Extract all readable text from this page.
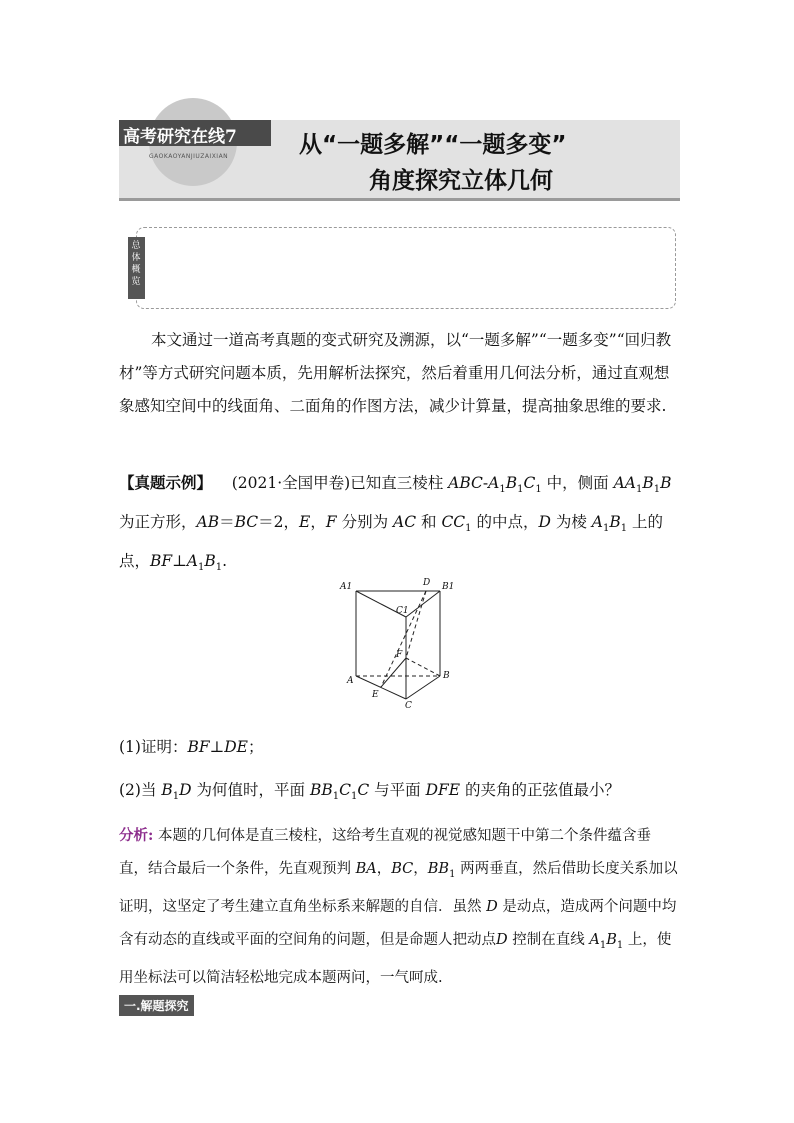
高考研究在线7
GAOKAOYANJIUZAIXIAN	从“一题多解”“一题多变”
角度探究立体几何
总体概览
本文通过一道高考真题的变式研究及溯源，以“一题多解”“一题多变”“回归教材”等方式研究问题本质，先用解析法探究，然后着重用几何法分析，通过直观想象感知空间中的线面角、二面角的作图方法，减少计算量，提高抽象思维的要求.
【真题示例】 (2021·全国甲卷)已知直三棱柱 ABC-$A_1B_1C_1$ 中，侧面 $AA_1B_1B$ 为正方形，AB＝BC＝2，E，F 分别为 AC 和 $CC_1$ 的中点，D 为棱 $A_1B_1$ 上的点，$BF\perp A_1B_1$.
A1	D B1
C1
F
A
E
B
C
(1)证明：BF⊥DE；
(2)当 $B_1D$ 为何值时，平面 $BB_1C_1C$ 与平面 DFE 的夹角的正弦值最小？
分析: 本题的几何体是直三棱柱，这给考生直观的视觉感知题干中第二个条件蕴含垂直，结合最后一个条件，先直观预判 BA，BC，$BB_1$ 两两垂直，然后借助长度关系加以证明，这坚定了考生建立直角坐标系来解题的自信．虽然 D 是动点，造成两个问题中均含有动态的直线或平面的空间角的问题，但是命题人把动点D 控制在直线 $A_1B_1$ 上，使用坐标法可以简洁轻松地完成本题两问，一气呵成.
一.解题探究
